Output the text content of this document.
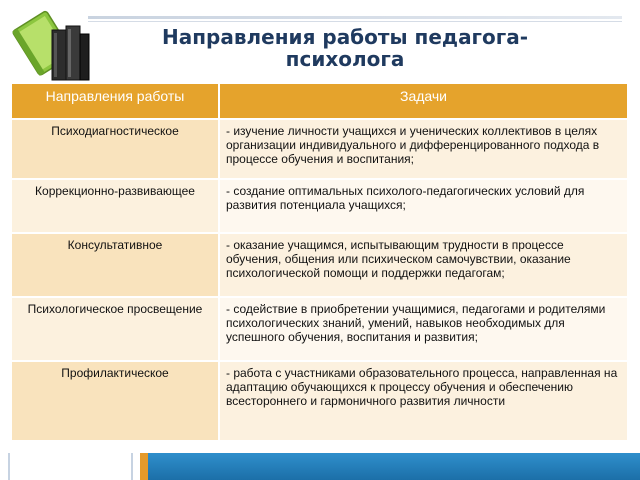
Направления работы педагога-психолога
Направления работы	Задачи
Психодиагностическое	- изучение личности учащихся и ученических коллективов в целях организации индивидуального и дифференцированного подхода в процессе обучения и воспитания;
Коррекционно-развивающее	- создание оптимальных психолого-педагогических условий для развития потенциала учащихся;
Консультативное	- оказание учащимся, испытывающим трудности в процессе обучения, общения или психическом самочувствии, оказание психологической помощи и поддержки педагогам;
Психологическое просвещение	- содействие в приобретении учащимися, педагогами и родителями психологических знаний, умений, навыков необходимых для успешного обучения, воспитания и развития;
Профилактическое	- работа с участниками образовательного процесса, направленная на адаптацию обучающихся к процессу обучения и обеспечению всестороннего и гармоничного развития личности
